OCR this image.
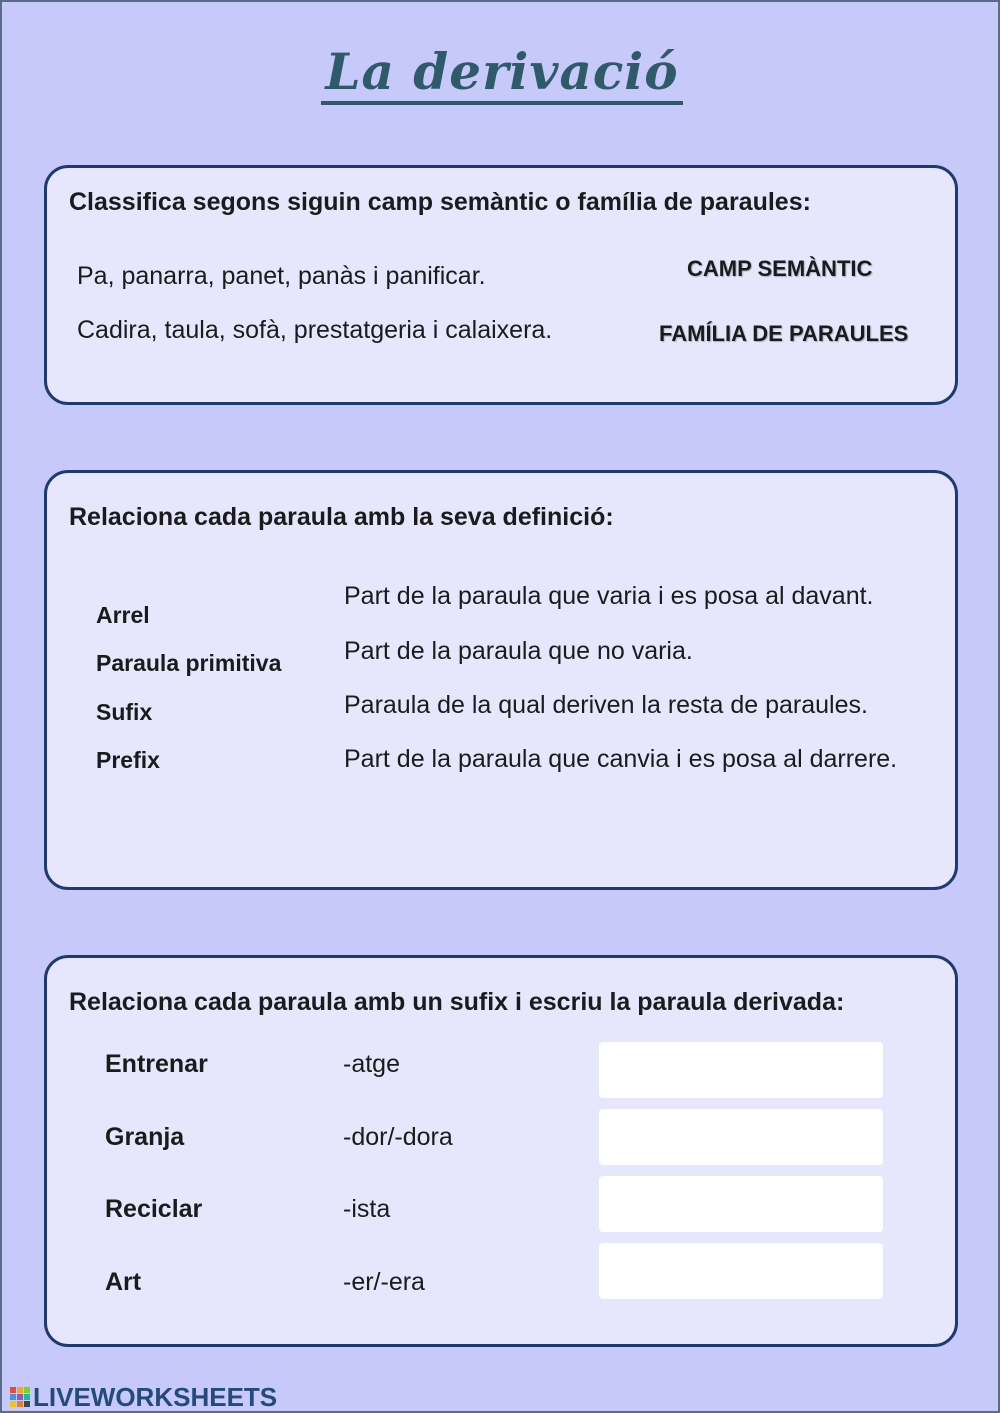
La derivació
Classifica segons siguin camp semàntic o família de paraules:
Pa, panarra, panet, panàs i panificar.
Cadira, taula, sofà, prestatgeria i calaixera.
CAMP SEMÀNTIC
FAMÍLIA DE PARAULES
Relaciona cada paraula amb la seva definició:
Arrel
Paraula primitiva
Sufix
Prefix
Part de la paraula que varia i es posa al davant.
Part de la paraula que no varia.
Paraula de la qual deriven la resta de paraules.
Part de la paraula que canvia i es posa al darrere.
Relaciona cada paraula amb un sufix i escriu la paraula derivada:
Entrenar
Granja
Reciclar
Art
-atge
-dor/-dora
-ista
-er/-era
LIVEWORKSHEETS
